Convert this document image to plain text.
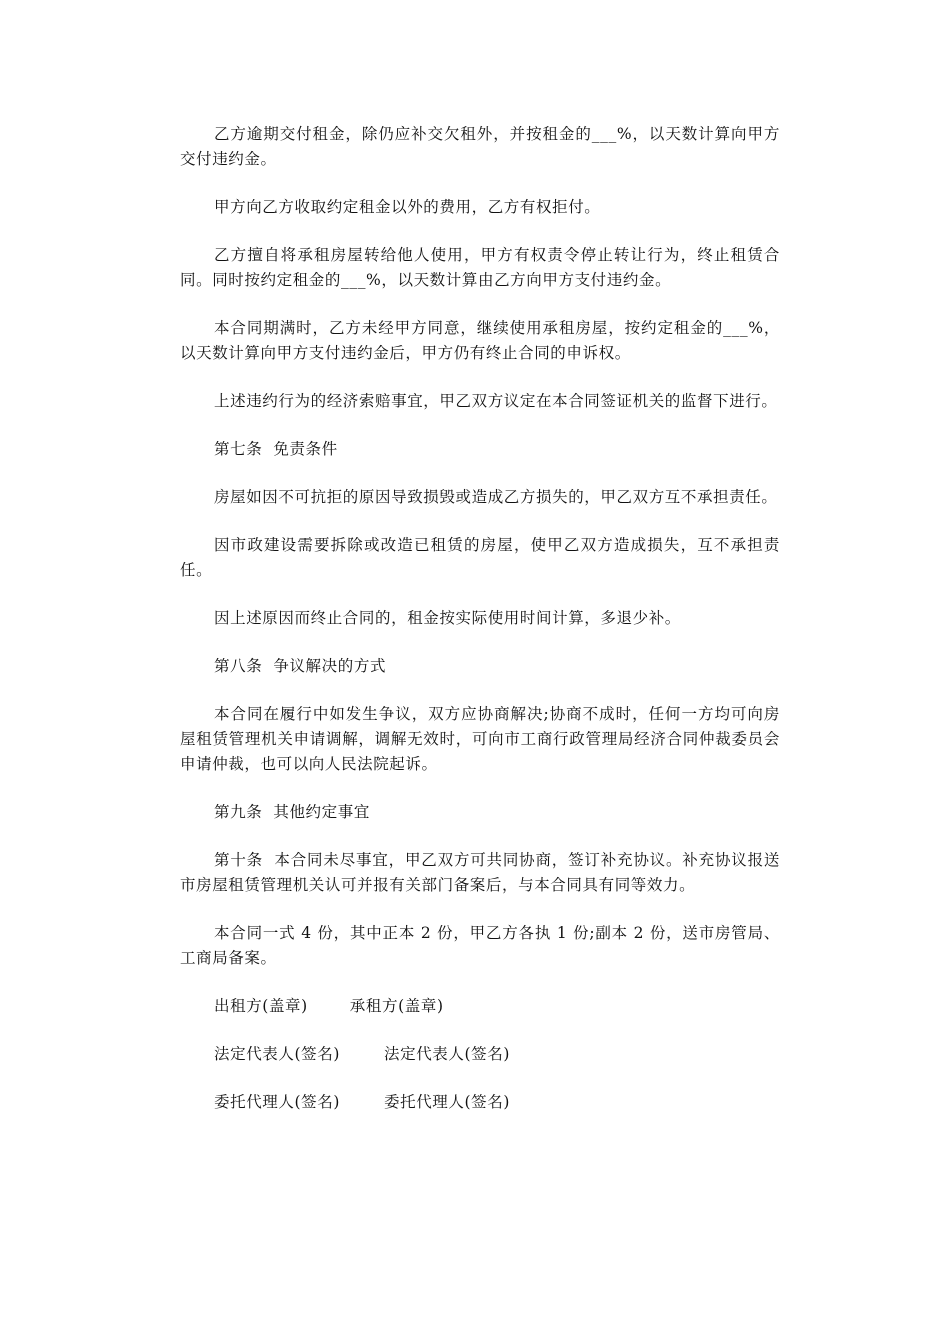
乙方逾期交付租金，除仍应补交欠租外，并按租金的___%，以天数计算向甲方交付违约金。

甲方向乙方收取约定租金以外的费用，乙方有权拒付。

乙方擅自将承租房屋转给他人使用，甲方有权责令停止转让行为，终止租赁合同。同时按约定租金的___%，以天数计算由乙方向甲方支付违约金。

本合同期满时，乙方未经甲方同意，继续使用承租房屋，按约定租金的___%，以天数计算向甲方支付违约金后，甲方仍有终止合同的申诉权。

上述违约行为的经济索赔事宜，甲乙双方议定在本合同签证机关的监督下进行。

第七条  免责条件

房屋如因不可抗拒的原因导致损毁或造成乙方损失的，甲乙双方互不承担责任。

因市政建设需要拆除或改造已租赁的房屋，使甲乙双方造成损失，互不承担责任。

因上述原因而终止合同的，租金按实际使用时间计算，多退少补。

第八条  争议解决的方式

本合同在履行中如发生争议，双方应协商解决;协商不成时，任何一方均可向房屋租赁管理机关申请调解，调解无效时，可向市工商行政管理局经济合同仲裁委员会申请仲裁，也可以向人民法院起诉。

第九条  其他约定事宜

第十条  本合同未尽事宜，甲乙双方可共同协商，签订补充协议。补充协议报送市房屋租赁管理机关认可并报有关部门备案后，与本合同具有同等效力。

本合同一式 4 份，其中正本 2 份，甲乙方各执 1 份;副本 2 份，送市房管局、工商局备案。

出租方(盖章)	承租方(盖章)
法定代表人(签名)	法定代表人(签名)
委托代理人(签名)	委托代理人(签名)
